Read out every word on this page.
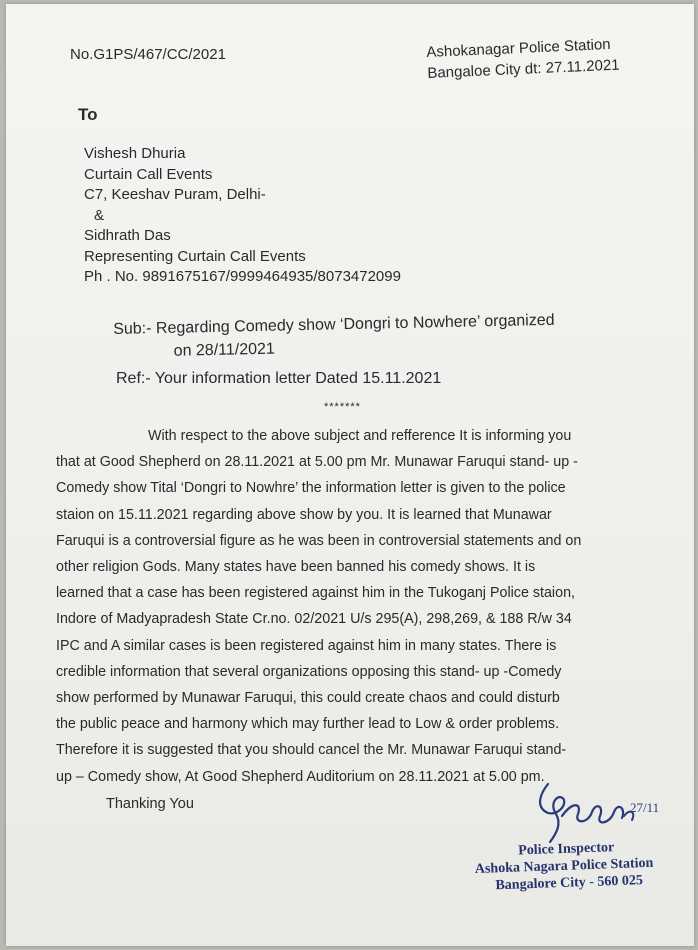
No.G1PS/467/CC/2021	Ashokanagar Police Station
Bangaloe City dt: 27.11.2021
To
Vishesh Dhuria
Curtain Call Events
C7, Keeshav Puram, Delhi-
&
Sidhrath Das
Representing Curtain Call Events
Ph . No. 9891675167/9999464935/8073472099
Sub:- Regarding Comedy show ‘Dongri to Nowhere’ organized
on 28/11/2021
Ref:- Your information letter Dated 15.11.2021
*******
With respect to the above subject and refference It is informing you
that at Good Shepherd on 28.11.2021 at 5.00 pm Mr. Munawar Faruqui stand- up -
Comedy show Tital ‘Dongri to Nowhre’ the information letter is given to the police
staion on 15.11.2021 regarding above show by you. It is learned that Munawar
Faruqui is a controversial figure as he was been in controversial statements and on
other religion Gods. Many states have been banned his comedy shows. It is
learned that a case has been registered against him in the Tukoganj Police staion,
Indore of Madyapradesh State Cr.no. 02/2021 U/s 295(A), 298,269, & 188 R/w 34
IPC and A similar cases is been registered against him in many states. There is
credible information that several organizations opposing this stand- up -Comedy
show performed by Munawar Faruqui, this could create chaos and could disturb
the public peace and harmony which may further lead to Low & order problems.
Therefore it is suggested that you should cancel the Mr. Munawar Faruqui stand-
up – Comedy show, At Good Shepherd Auditorium on 28.11.2021 at 5.00 pm.
Thanking You	27/11
Police Inspector
Ashoka Nagara Police Station
Bangalore City - 560 025
